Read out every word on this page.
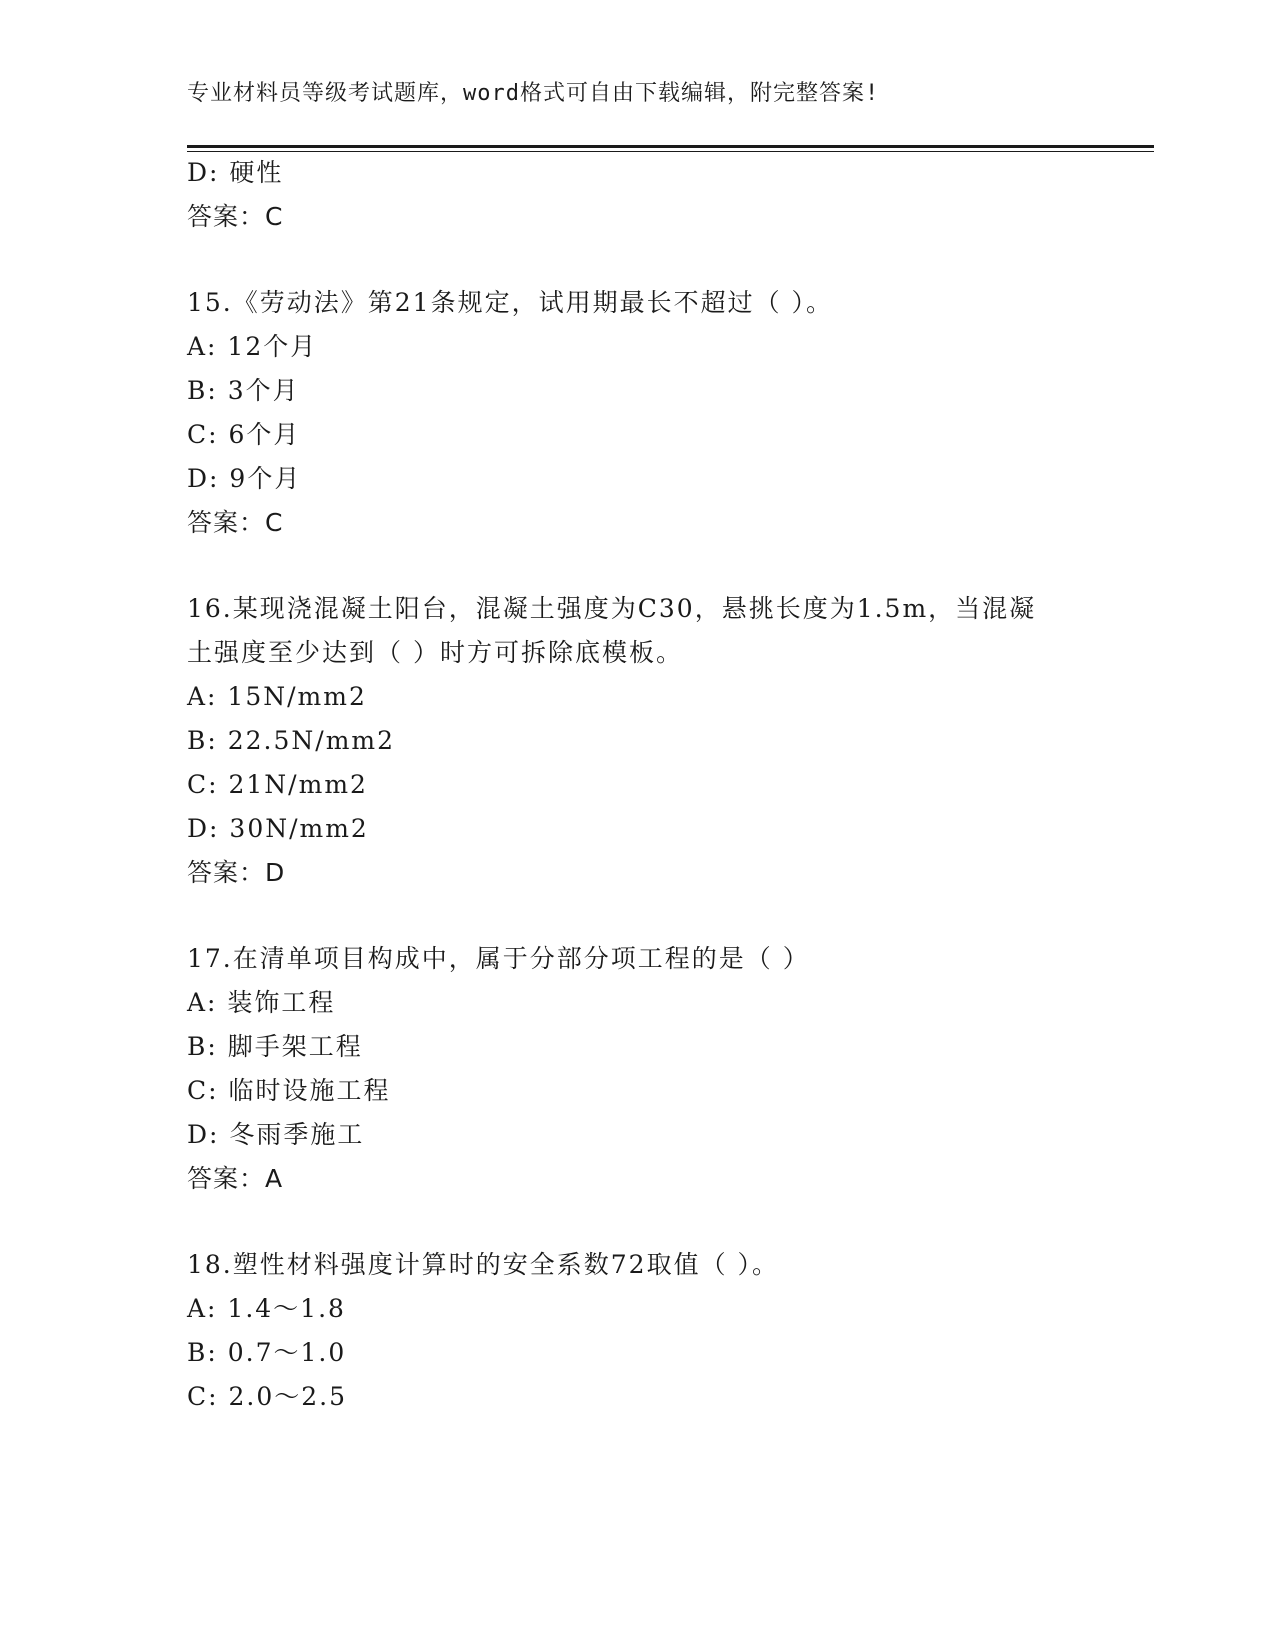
专业材料员等级考试题库，word格式可自由下载编辑，附完整答案!
D: 硬性
答案：C
15.《劳动法》第21条规定，试用期最长不超过（ ）。
A: 12个月
B: 3个月
C: 6个月
D: 9个月
答案：C
16.某现浇混凝土阳台，混凝土强度为C30，悬挑长度为1.5m，当混凝
土强度至少达到（ ）时方可拆除底模板。
A: 15N/mm2
B: 22.5N/mm2
C: 21N/mm2
D: 30N/mm2
答案：D
17.在清单项目构成中，属于分部分项工程的是（ ）
A: 装饰工程
B: 脚手架工程
C: 临时设施工程
D: 冬雨季施工
答案：A
18.塑性材料强度计算时的安全系数72取值（ ）。
A: 1.4～1.8
B: 0.7～1.0
C: 2.0～2.5
